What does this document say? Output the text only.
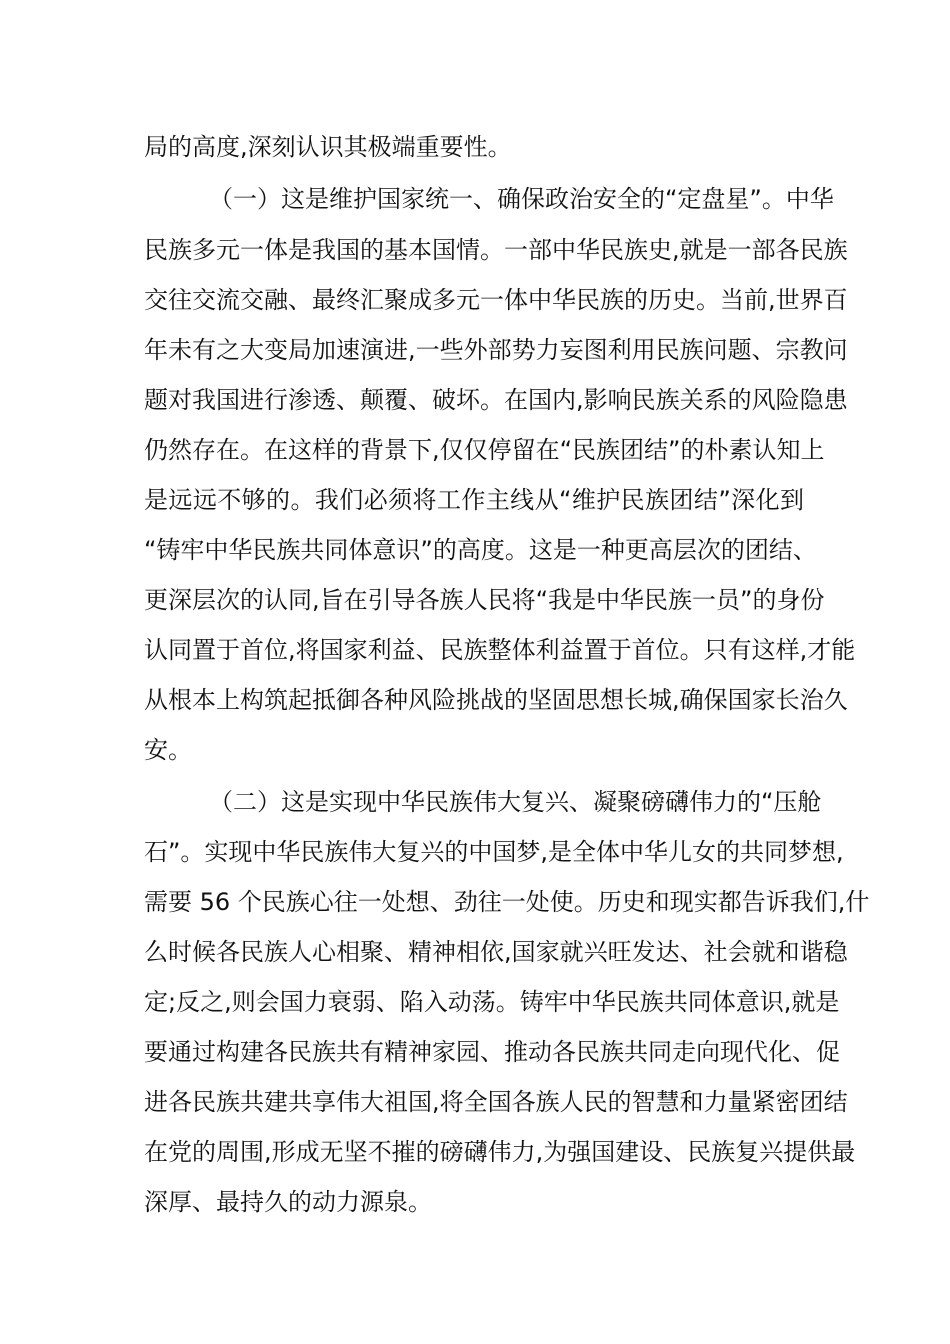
局的高度,深刻认识其极端重要性。
（一）这是维护国家统一、确保政治安全的“定盘星”。中华
民族多元一体是我国的基本国情。一部中华民族史,就是一部各民族
交往交流交融、最终汇聚成多元一体中华民族的历史。当前,世界百
年未有之大变局加速演进,一些外部势力妄图利用民族问题、宗教问
题对我国进行渗透、颠覆、破坏。在国内,影响民族关系的风险隐患
仍然存在。在这样的背景下,仅仅停留在“民族团结”的朴素认知上
是远远不够的。我们必须将工作主线从“维护民族团结”深化到
“铸牢中华民族共同体意识”的高度。这是一种更高层次的团结、
更深层次的认同,旨在引导各族人民将“我是中华民族一员”的身份
认同置于首位,将国家利益、民族整体利益置于首位。只有这样,才能
从根本上构筑起抵御各种风险挑战的坚固思想长城,确保国家长治久
安。
（二）这是实现中华民族伟大复兴、凝聚磅礴伟力的“压舱
石”。实现中华民族伟大复兴的中国梦,是全体中华儿女的共同梦想,
需要 56 个民族心往一处想、劲往一处使。历史和现实都告诉我们,什
么时候各民族人心相聚、精神相依,国家就兴旺发达、社会就和谐稳
定;反之,则会国力衰弱、陷入动荡。铸牢中华民族共同体意识,就是
要通过构建各民族共有精神家园、推动各民族共同走向现代化、促
进各民族共建共享伟大祖国,将全国各族人民的智慧和力量紧密团结
在党的周围,形成无坚不摧的磅礴伟力,为强国建设、民族复兴提供最
深厚、最持久的动力源泉。
